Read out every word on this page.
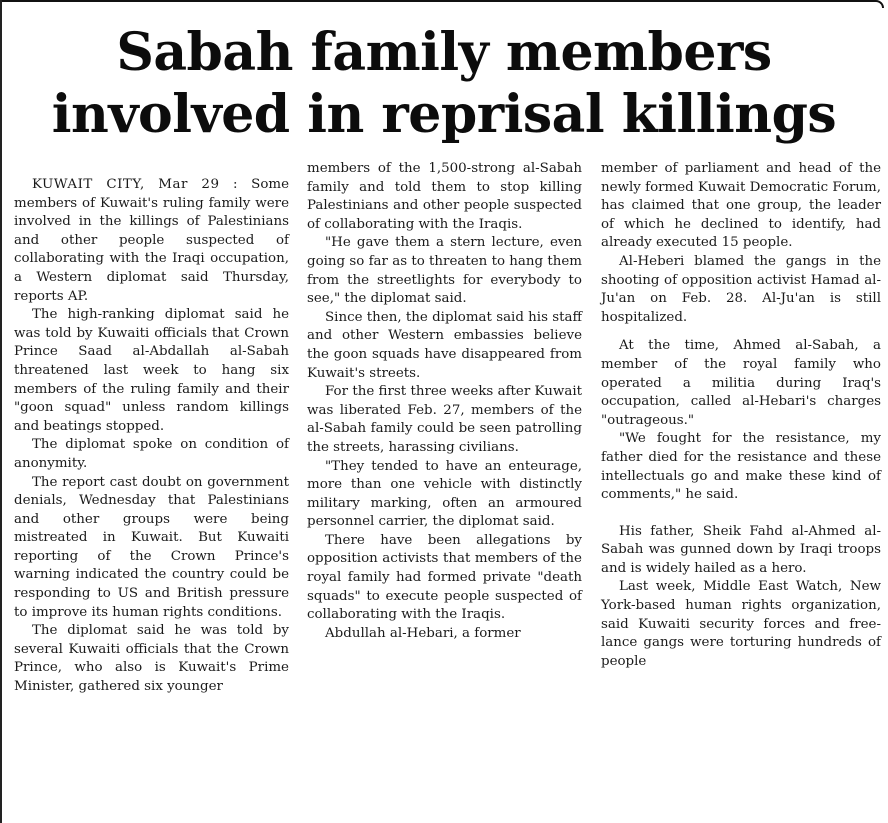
Sabah family members
involved in reprisal killings

KUWAIT CITY, Mar 29 : Some members of Kuwait's ruling family were involved in the killings of Palestinians and other people suspected of collaborating with the Iraqi occupation, a Western diplomat said Thursday, reports AP.

The high-ranking diplomat said he was told by Kuwaiti officials that Crown Prince Saad al-Abdallah al-Sabah threatened last week to hang six members of the ruling family and their "goon squad" unless random killings and beatings stopped.

The diplomat spoke on condition of anonymity.

The report cast doubt on government denials, Wednesday that Palestinians and other groups were being mistreated in Kuwait. But Kuwaiti reporting of the Crown Prince's warning indicated the country could be responding to US and British pressure to improve its human rights conditions.

The diplomat said he was told by several Kuwaiti officials that the Crown Prince, who also is Kuwait's Prime Minister, gathered six younger

members of the 1,500-strong al-Sabah family and told them to stop killing Palestinians and other people suspected of collaborating with the Iraqis.

"He gave them a stern lecture, even going so far as to threaten to hang them from the streetlights for everybody to see," the diplomat said.

Since then, the diplomat said his staff and other Western embassies believe the goon squads have disappeared from Kuwait's streets.

For the first three weeks after Kuwait was liberated Feb. 27, members of the al-Sabah family could be seen patrolling the streets, harassing civilians.

"They tended to have an enteurage, more than one vehicle with distinctly military marking, often an armoured personnel carrier, the diplomat said.

There have been allegations by opposition activists that members of the royal family had formed private "death squads" to execute people suspected of collaborating with the Iraqis.

Abdullah al-Hebari, a former

member of parliament and head of the newly formed Kuwait Democratic Forum, has claimed that one group, the leader of which he declined to identify, had already executed 15 people.

Al-Heberi blamed the gangs in the shooting of opposition activist Hamad al-Ju'an on Feb. 28. Al-Ju'an is still hospitalized.

At the time, Ahmed al-Sabah, a member of the royal family who operated a militia during Iraq's occupation, called al-Hebari's charges "outrageous."

"We fought for the resistance, my father died for the resistance and these intellectuals go and make these kind of comments," he said.

His father, Sheik Fahd al-Ahmed al-Sabah was gunned down by Iraqi troops and is widely hailed as a hero.

Last week, Middle East Watch, New York-based human rights organization, said Kuwaiti security forces and free-lance gangs were torturing hundreds of people
